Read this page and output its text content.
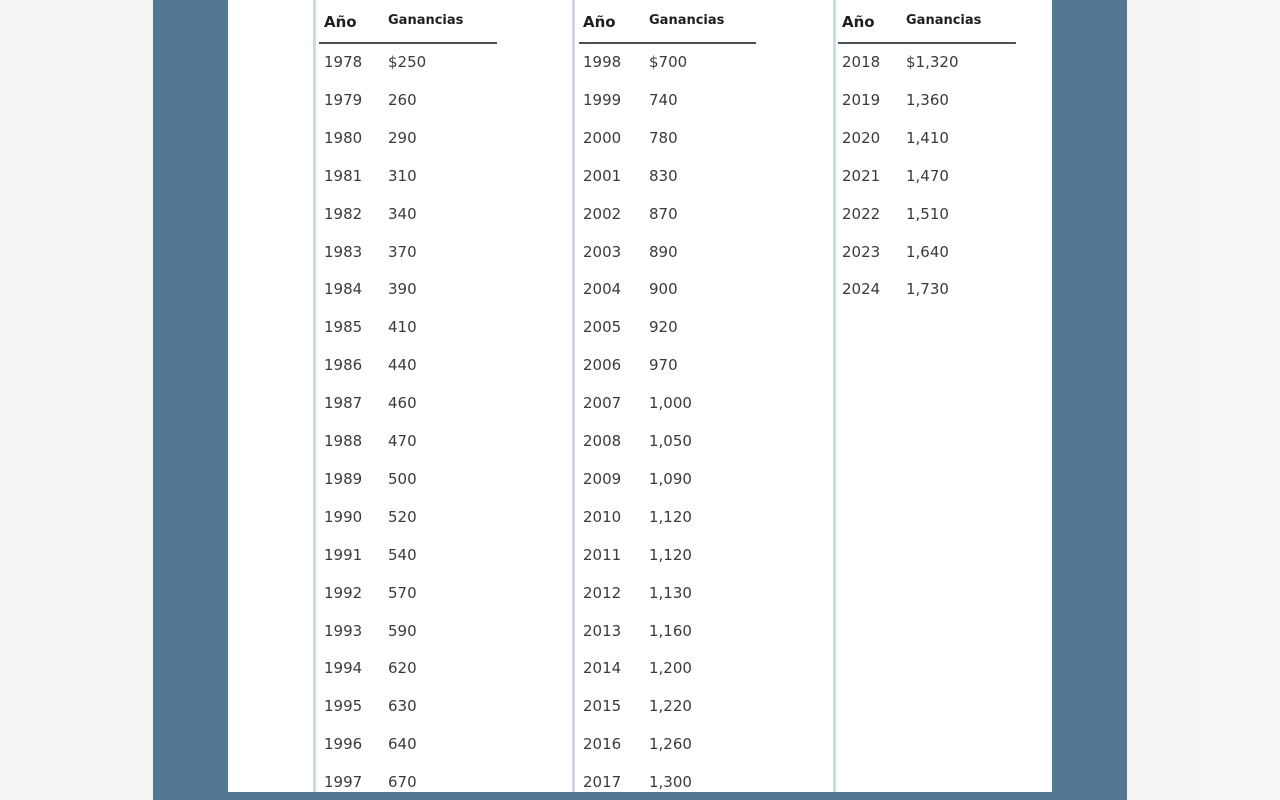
Año Ganancias
1978 $250
1979 260
1980 290
1981 310
1982 340
1983 370
1984 390
1985 410
1986 440
1987 460
1988 470
1989 500
1990 520
1991 540
1992 570
1993 590
1994 620
1995 630
1996 640
1997 670
Año	Ganancias
1998 $700
1999 740
2000 780
2001 830
2002 870
2003 890
2004 900
2005 920
2006 970
2007 1,000
2008 1,050
2009 1,090
2010 1,120
2011 1,120
2012 1,130
2013 1,160
2014 1,200
2015 1,220
2016 1,260
2017 1,300
Año Ganancias
2018 $1,320
2019 1,360
2020 1,410
2021 1,470
2022 1,510
2023 1,640
2024 1,730
